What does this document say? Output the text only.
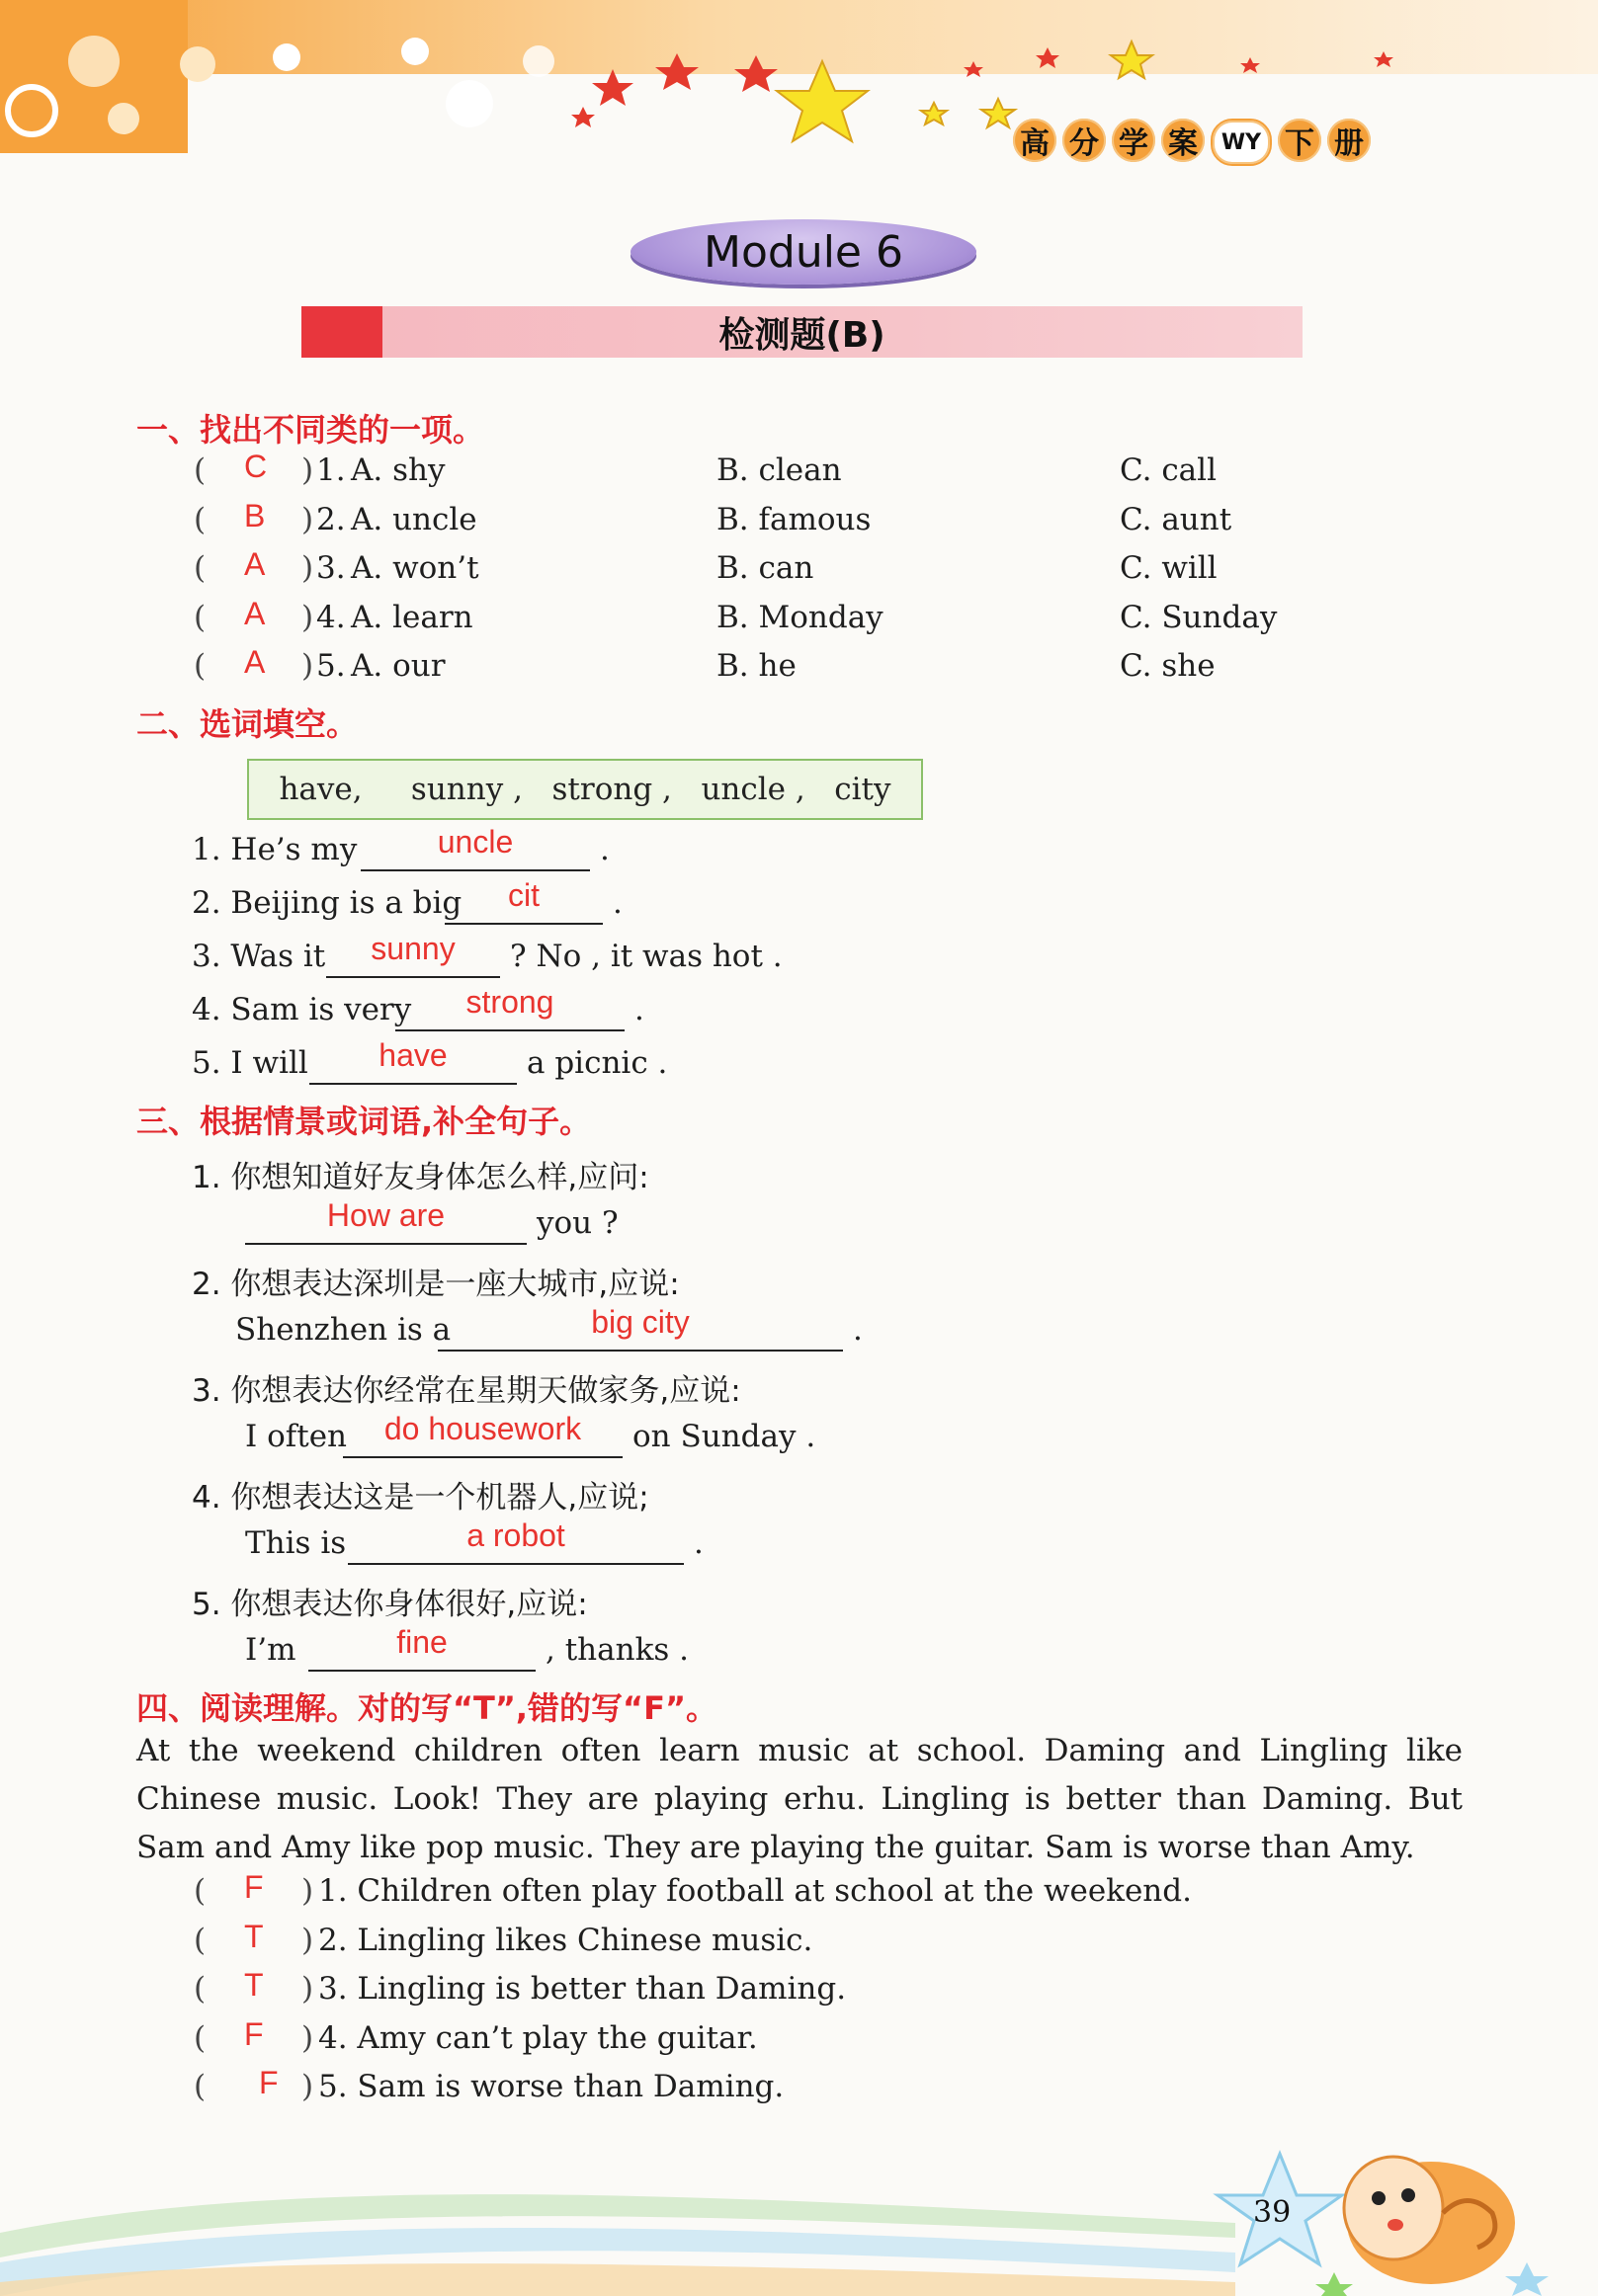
高 分 学 案	WY 下 册
Module 6
检测题(B)
一、找出不同类的一项。
( C ) 1. A. shy	B. clean	C. call
( B ) 2. A. uncle	B. famous	C. aunt
( A ) 3. A. won’t	B. can	C. will
( A ) 4. A. learn	B. Monday	C. Sunday
( A ) 5. A. our	B. he	C. she
二、选词填空。
have,
sunny ,
strong ,
uncle ,
city
1. He’s my	uncle	.
2. Beijing is a big	cit	.
3. Was it	sunny	? No , it was hot .
4. Sam is very	strong	.
5. I will	have	a picnic .
三、根据情景或词语,补全句子。
1. 你想知道好友身体怎么样,应问:
How are	you ?
2. 你想表达深圳是一座大城市,应说:
Shenzhen is a	big city	.
3. 你想表达你经常在星期天做家务,应说:
I often	do housework	on Sunday .
4. 你想表达这是一个机器人,应说;
This is	a robot	.
5. 你想表达你身体很好,应说:
I’m	fine	, thanks .
四、阅读理解。对的写“T”,错的写“F”。
At the weekend children often learn music at school. Daming and Lingling like Chinese music. Look! They are playing erhu. Lingling is better than Daming. But Sam and Amy like pop music. They are playing the guitar. Sam is worse than Amy.
( F ) 1. Children often play football at school at the weekend.
( T ) 2. Lingling likes Chinese music.
( T ) 3. Lingling is better than Daming.
( F ) 4. Amy can’t play the guitar.
( F ) 5. Sam is worse than Daming.
39
